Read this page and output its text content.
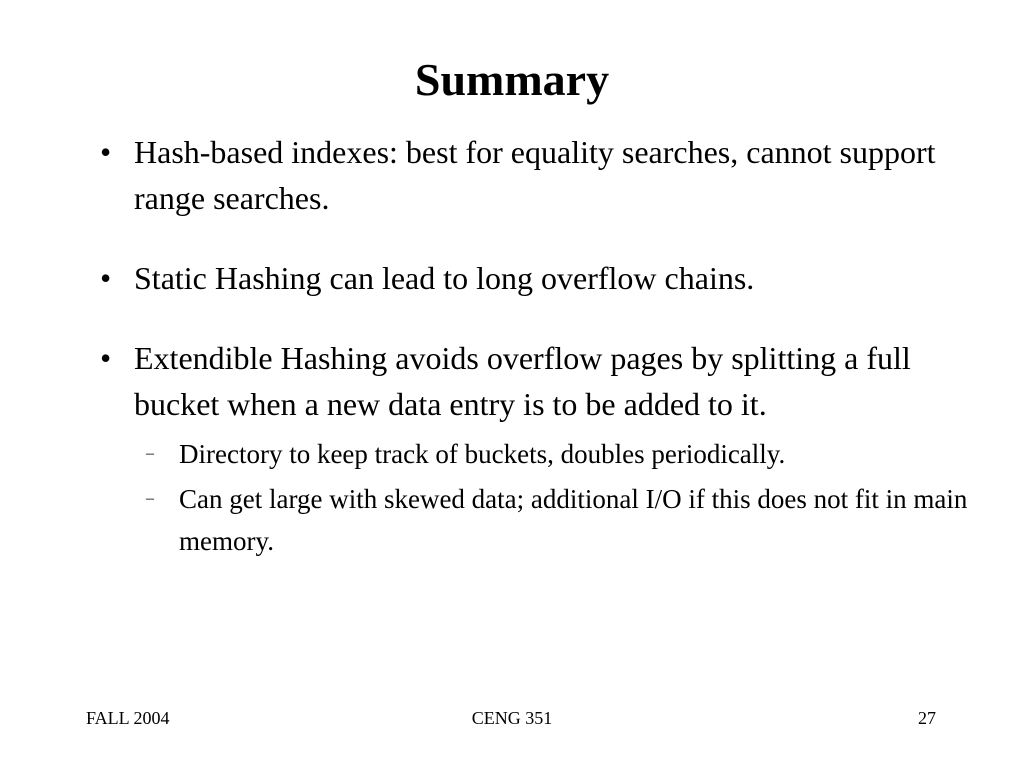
Summary
• Hash-based indexes: best for equality searches, cannot support range searches.
• Static Hashing can lead to long overflow chains.
• Extendible Hashing avoids overflow pages by splitting a full bucket when a new data entry is to be added to it.
– Directory to keep track of buckets, doubles periodically.
– Can get large with skewed data; additional I/O if this does not fit in main memory.
FALL 2004	CENG 351	27
